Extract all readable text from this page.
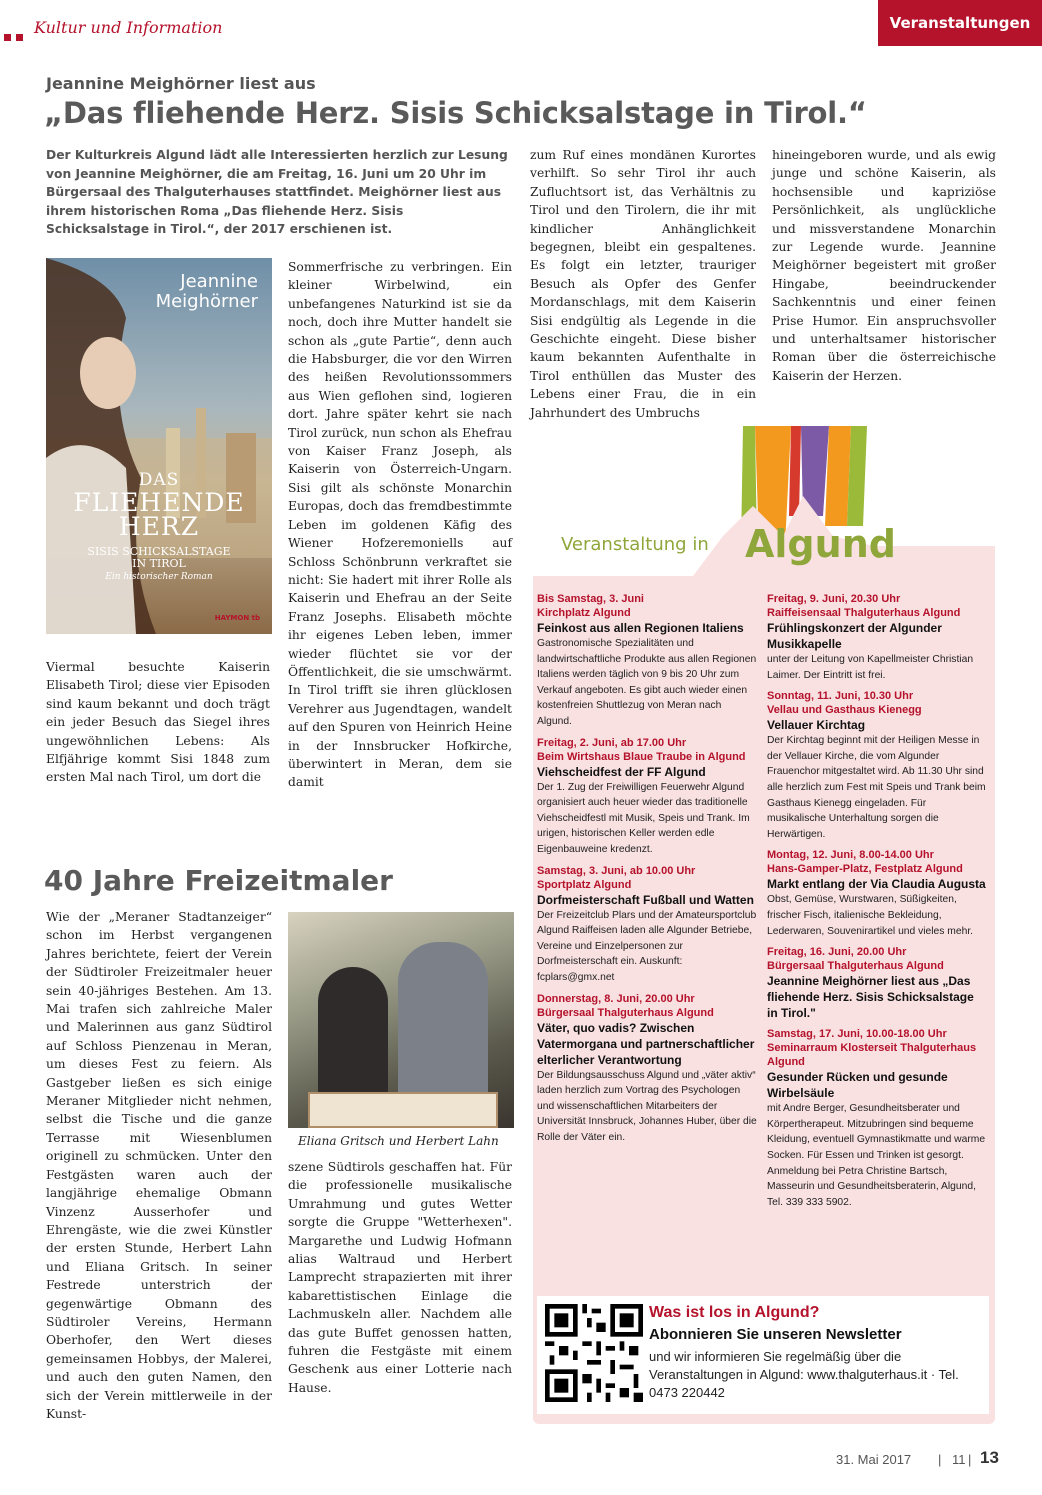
Kultur und Information	Veranstaltungen
Jeannine Meighörner liest aus
„Das fliehende Herz. Sisis Schicksalstage in Tirol.“
Der Kulturkreis Algund lädt alle Interessierten herzlich zur Lesung von Jeannine Meighörner, die am Freitag, 16. Juni um 20 Uhr im Bürgersaal des Thalguterhauses stattfindet. Meighörner liest aus ihrem historischen Roma „Das fliehende Herz. Sisis Schicksalstage in Tirol.“, der 2017 erschienen ist.
Jeannine
Meighörner
DAS
FLIEHENDE
HERZ
SISIS SCHICKSALSTAGE
IN TIROL
Ein historischer Roman
HAYMON tb
Sommerfrische zu verbringen. Ein kleiner Wirbelwind, ein unbefangenes Naturkind ist sie da noch, doch ihre Mutter handelt sie schon als „gute Partie“, denn auch die Habsburger, die vor den Wirren des heißen Revolutionssommers aus Wien geflohen sind, logieren dort. Jahre später kehrt sie nach Tirol zurück, nun schon als Ehefrau von Kaiser Franz Joseph, als Kaiserin von Österreich-Ungarn. Sisi gilt als schönste Monarchin Europas, doch das fremdbestimmte Leben im goldenen Käfig des Wiener Hofzeremoniells auf Schloss Schönbrunn verkraftet sie nicht: Sie hadert mit ihrer Rolle als Kaiserin und Ehefrau an der Seite Franz Josephs. Elisabeth möchte ihr eigenes Leben leben, immer wieder flüchtet sie vor der Öffentlichkeit, die sie umschwärmt. In Tirol trifft sie ihren glücklosen Verehrer aus Jugendtagen, wandelt auf den Spuren von Heinrich Heine in der Innsbrucker Hofkirche, überwintert in Meran, dem sie damit
zum Ruf eines mondänen Kurortes verhilft. So sehr Tirol ihr auch Zufluchtsort ist, das Verhältnis zu Tirol und den Tirolern, die ihr mit kindlicher Anhänglichkeit begegnen, bleibt ein gespaltenes. Es folgt ein letzter, trauriger Besuch als Opfer des Genfer Mordanschlags, mit dem Kaiserin Sisi endgültig als Legende in die Geschichte eingeht. Diese bisher kaum bekannten Aufenthalte in Tirol enthüllen das Muster des Lebens einer Frau, die in ein Jahrhundert des Umbruchs
hineingeboren wurde, und als ewig junge und schöne Kaiserin, als hochsensible und kapriziöse Persönlichkeit, als unglückliche und missverstandene Monarchin zur Legende wurde. Jeannine Meighörner begeistert mit großer Hingabe, beeindruckender Sachkenntnis und einer feinen Prise Humor. Ein anspruchsvoller und unterhaltsamer historischer Roman über die österreichische Kaiserin der Herzen.
Viermal besuchte Kaiserin Elisabeth Tirol; diese vier Episoden sind kaum bekannt und doch trägt ein jeder Besuch das Siegel ihres ungewöhnlichen Lebens: Als Elfjährige kommt Sisi 1848 zum ersten Mal nach Tirol, um dort die
40 Jahre Freizeitmaler
Wie der „Meraner Stadtanzeiger“ schon im Herbst vergangenen Jahres berichtete, feiert der Verein der Südtiroler Freizeitmaler heuer sein 40-jähriges Bestehen. Am 13. Mai trafen sich zahlreiche Maler und Malerinnen aus ganz Südtirol auf Schloss Pienzenau in Meran, um dieses Fest zu feiern. Als Gastgeber ließen es sich einige Meraner Mitglieder nicht nehmen, selbst die Tische und die ganze Terrasse mit Wiesenblumen originell zu schmücken. Unter den Festgästen waren auch der langjährige ehemalige Obmann Vinzenz Ausserhofer und Ehrengäste, wie die zwei Künstler der ersten Stunde, Herbert Lahn und Eliana Gritsch. In seiner Festrede unterstrich der gegenwärtige Obmann des Südtiroler Vereins, Hermann Oberhofer, den Wert dieses gemeinsamen Hobbys, der Malerei, und auch den guten Namen, den sich der Verein mittlerweile in der Kunst-
Eliana Gritsch und Herbert Lahn
szene Südtirols geschaffen hat. Für die professionelle musikalische Umrahmung und gutes Wetter sorgte die Gruppe "Wetterhexen". Margarethe und Ludwig Hofmann alias Waltraud und Herbert Lamprecht strapazierten mit ihrer kabarettistischen Einlage die Lachmuskeln aller. Nachdem alle das gute Buffet genossen hatten, fuhren die Festgäste mit einem Geschenk aus einer Lotterie nach Hause.
Veranstaltung in Algund
Bis Samstag, 3. Juni
Kirchplatz Algund
Feinkost aus allen Regionen Italiens
Gastronomische Spezialitäten und landwirtschaftliche Produkte aus allen Regionen Italiens werden täglich von 9 bis 20 Uhr zum Verkauf angeboten. Es gibt auch wieder einen kostenfreien Shuttlezug von Meran nach Algund.
Freitag, 2. Juni, ab 17.00 Uhr
Beim Wirtshaus Blaue Traube in Algund
Viehscheidfest der FF Algund
Der 1. Zug der Freiwilligen Feuerwehr Algund organisiert auch heuer wieder das traditionelle Viehscheidfestl mit Musik, Speis und Trank. Im urigen, historischen Keller werden edle Eigenbauweine kredenzt.
Samstag, 3. Juni, ab 10.00 Uhr
Sportplatz Algund
Dorfmeisterschaft Fußball und Watten
Der Freizeitclub Plars und der Amateursportclub Algund Raiffeisen laden alle Algunder Betriebe, Vereine und Einzelpersonen zur Dorfmeisterschaft ein. Auskunft: fcplars@gmx.net
Donnerstag, 8. Juni, 20.00 Uhr
Bürgersaal Thalguterhaus Algund
Väter, quo vadis? Zwischen Vatermorgana und partnerschaftlicher elterlicher Verantwortung
Der Bildungsausschuss Algund und „väter aktiv“ laden herzlich zum Vortrag des Psychologen und wissenschaftlichen Mitarbeiters der Universität Innsbruck, Johannes Huber, über die Rolle der Väter ein.
Freitag, 9. Juni, 20.30 Uhr
Raiffeisensaal Thalguterhaus Algund
Frühlingskonzert der Algunder Musikkapelle
unter der Leitung von Kapellmeister Christian Laimer. Der Eintritt ist frei.
Sonntag, 11. Juni, 10.30 Uhr
Vellau und Gasthaus Kienegg
Vellauer Kirchtag
Der Kirchtag beginnt mit der Heiligen Messe in der Vellauer Kirche, die vom Algunder Frauenchor mitgestaltet wird. Ab 11.30 Uhr sind alle herzlich zum Fest mit Speis und Trank beim Gasthaus Kienegg eingeladen. Für musikalische Unterhaltung sorgen die Herwärtigen.
Montag, 12. Juni, 8.00-14.00 Uhr
Hans-Gamper-Platz, Festplatz Algund
Markt entlang der Via Claudia Augusta
Obst, Gemüse, Wurstwaren, Süßigkeiten, frischer Fisch, italienische Bekleidung, Lederwaren, Souvenirartikel und vieles mehr.
Freitag, 16. Juni, 20.00 Uhr
Bürgersaal Thalguterhaus Algund
Jeannine Meighörner liest aus „Das fliehende Herz. Sisis Schicksalstage in Tirol."
Samstag, 17. Juni, 10.00-18.00 Uhr
Seminarraum Klosterseit Thalguterhaus Algund
Gesunder Rücken und gesunde Wirbelsäule
mit Andre Berger, Gesundheitsberater und Körpertherapeut. Mitzubringen sind bequeme Kleidung, eventuell Gymnastikmatte und warme Socken. Für Essen und Trinken ist gesorgt. Anmeldung bei Petra Christine Bartsch, Masseurin und Gesundheitsberaterin, Algund, Tel. 339 333 5902.
Was ist los in Algund?
Abonnieren Sie unseren Newsletter
und wir informieren Sie regelmäßig über die Veranstaltungen in Algund: www.thalguterhaus.it · Tel. 0473 220442
31. Mai 2017 | 11 | 13
